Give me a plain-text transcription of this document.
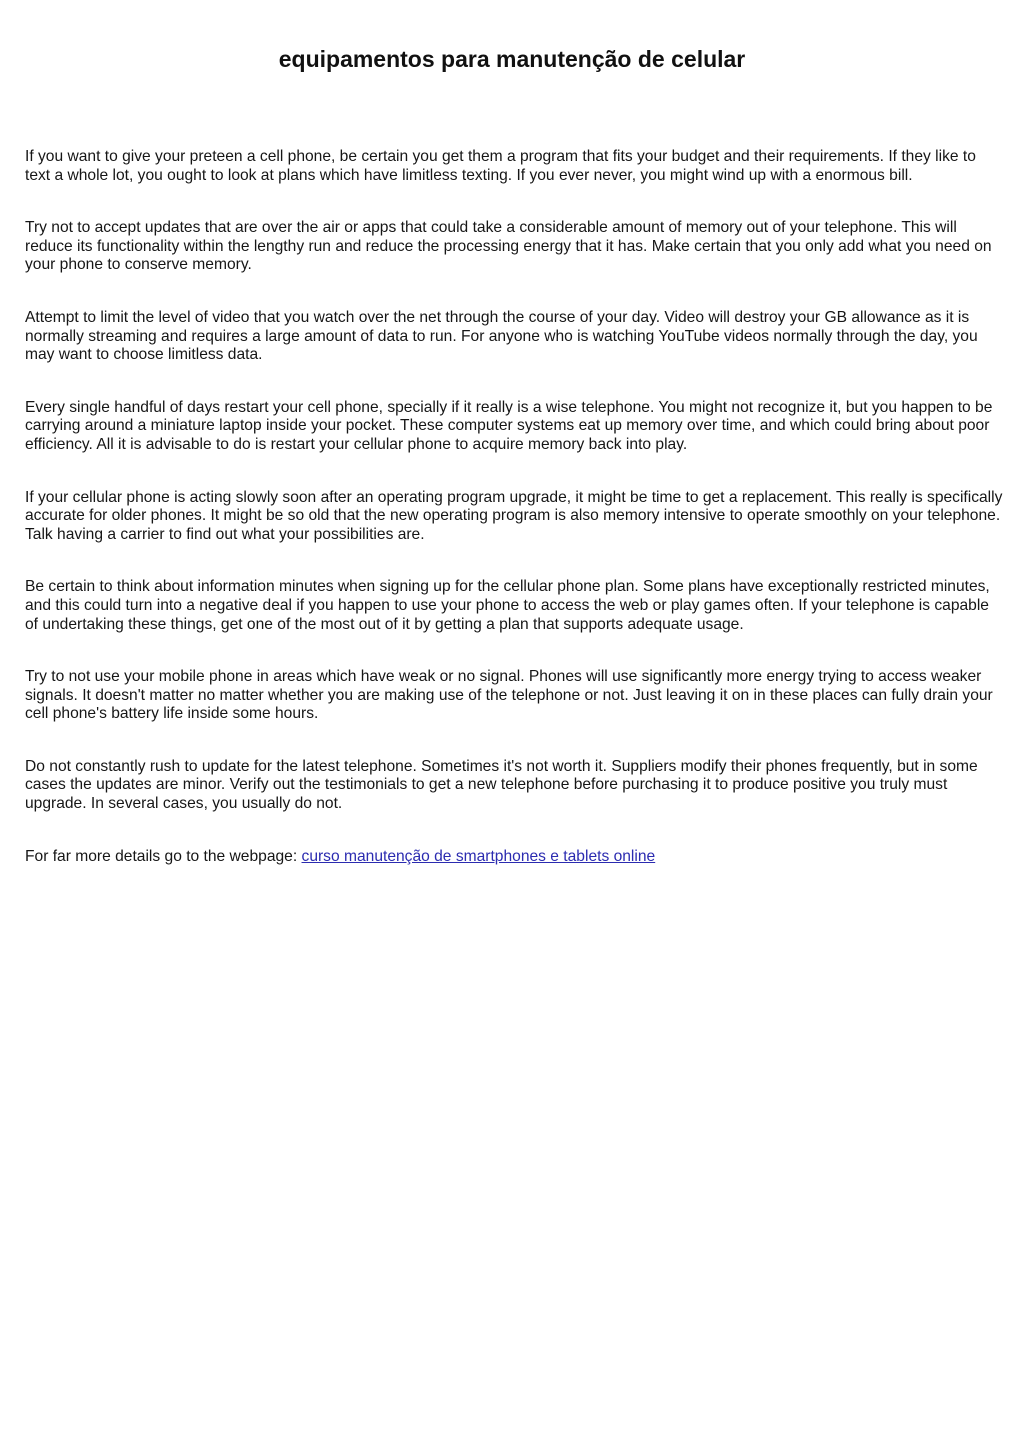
equipamentos para manutenção de celular

If you want to give your preteen a cell phone, be certain you get them a program that fits your budget and their requirements. If they like to text a whole lot, you ought to look at plans which have limitless texting. If you ever never, you might wind up with a enormous bill.

Try not to accept updates that are over the air or apps that could take a considerable amount of memory out of your telephone. This will reduce its functionality within the lengthy run and reduce the processing energy that it has. Make certain that you only add what you need on your phone to conserve memory.

Attempt to limit the level of video that you watch over the net through the course of your day. Video will destroy your GB allowance as it is normally streaming and requires a large amount of data to run. For anyone who is watching YouTube videos normally through the day, you may want to choose limitless data.

Every single handful of days restart your cell phone, specially if it really is a wise telephone. You might not recognize it, but you happen to be carrying around a miniature laptop inside your pocket. These computer systems eat up memory over time, and which could bring about poor efficiency. All it is advisable to do is restart your cellular phone to acquire memory back into play.

If your cellular phone is acting slowly soon after an operating program upgrade, it might be time to get a replacement. This really is specifically accurate for older phones. It might be so old that the new operating program is also memory intensive to operate smoothly on your telephone. Talk having a carrier to find out what your possibilities are.

Be certain to think about information minutes when signing up for the cellular phone plan. Some plans have exceptionally restricted minutes, and this could turn into a negative deal if you happen to use your phone to access the web or play games often. If your telephone is capable of undertaking these things, get one of the most out of it by getting a plan that supports adequate usage.

Try to not use your mobile phone in areas which have weak or no signal. Phones will use significantly more energy trying to access weaker signals. It doesn't matter no matter whether you are making use of the telephone or not. Just leaving it on in these places can fully drain your cell phone's battery life inside some hours.

Do not constantly rush to update for the latest telephone. Sometimes it's not worth it. Suppliers modify their phones frequently, but in some cases the updates are minor. Verify out the testimonials to get a new telephone before purchasing it to produce positive you truly must upgrade. In several cases, you usually do not.

For far more details go to the webpage: curso manutenção de smartphones e tablets online
